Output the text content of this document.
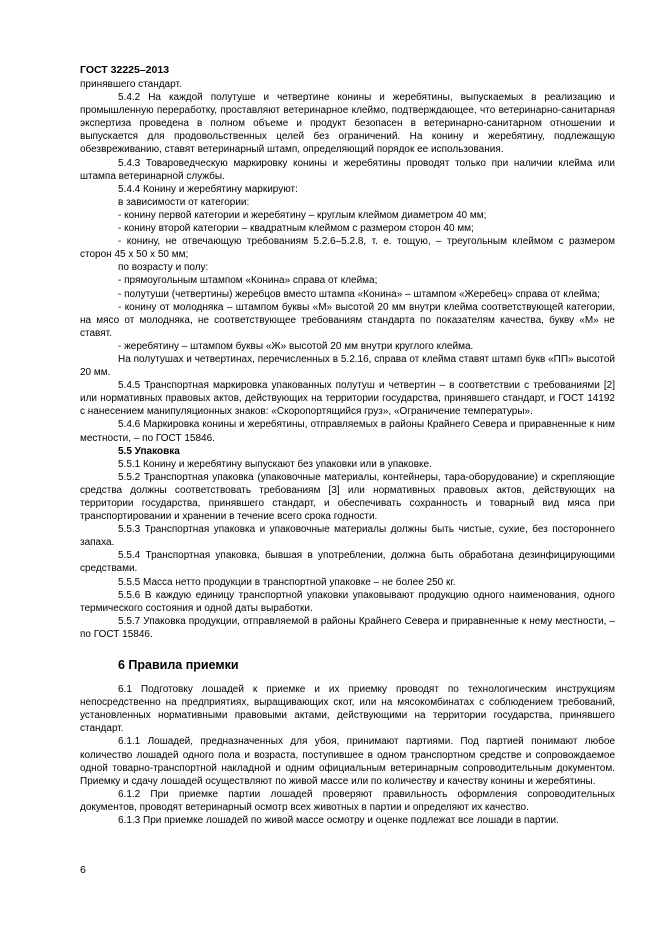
ГОСТ 32225–2013

принявшего стандарт.

5.4.2 На каждой полутуше и четвертине конины и жеребятины, выпускаемых в реализацию и промышленную переработку, проставляют ветеринарное клеймо, подтверждающее, что ветеринарно-санитарная экспертиза проведена в полном объеме и продукт безопасен в ветеринарно-санитарном отношении и выпускается для продовольственных целей без ограничений. На конину и жеребятину, подлежащую обезвреживанию, ставят ветеринарный штамп, определяющий порядок ее использования.

5.4.3 Товароведческую маркировку конины и жеребятины проводят только при наличии клейма или штампа ветеринарной службы.

5.4.4 Конину и жеребятину маркируют:

в зависимости от категории:

- конину первой категории и жеребятину – круглым клеймом диаметром 40 мм;

- конину второй категории – квадратным клеймом с размером сторон 40 мм;

- конину, не отвечающую требованиям 5.2.6–5.2.8, т. е. тощую, – треугольным клеймом с размером сторон 45 х 50 х 50 мм;

по возрасту и полу:

- прямоугольным штампом «Конина» справа от клейма;

- полутуши (четвертины) жеребцов вместо штампа «Конина» – штампом «Жеребец» справа от клейма;

- конину от молодняка – штампом буквы «М» высотой 20 мм внутри клейма соответствующей категории, на мясо от молодняка, не соответствующее требованиям стандарта по показателям качества, букву «М» не ставят.

- жеребятину – штампом буквы «Ж» высотой 20 мм внутри круглого клейма.

На полутушах и четвертинах, перечисленных в 5.2.16, справа от клейма ставят штамп букв «ПП» высотой 20 мм.

5.4.5 Транспортная маркировка упакованных полутуш и четвертин – в соответствии с требованиями [2] или нормативных правовых актов, действующих на территории государства, принявшего стандарт, и ГОСТ 14192 с нанесением манипуляционных знаков: «Скоропортящийся груз», «Ограничение температуры».

5.4.6 Маркировка конины и жеребятины, отправляемых в районы Крайнего Севера и приравненные к ним местности, – по ГОСТ 15846.

5.5 Упаковка

5.5.1 Конину и жеребятину выпускают без упаковки или в упаковке.

5.5.2 Транспортная упаковка (упаковочные материалы, контейнеры, тара-оборудование) и скрепляющие средства должны соответствовать требованиям [3] или нормативных правовых актов, действующих на территории государства, принявшего стандарт, и обеспечивать сохранность и товарный вид мяса при транспортировании и хранении в течение всего срока годности.

5.5.3 Транспортная упаковка и упаковочные материалы должны быть чистые, сухие, без постороннего запаха.

5.5.4 Транспортная упаковка, бывшая в употреблении, должна быть обработана дезинфицирующими средствами.

5.5.5 Масса нетто продукции в транспортной упаковке – не более 250 кг.

5.5.6 В каждую единицу транспортной упаковки упаковывают продукцию одного наименования, одного термического состояния и одной даты выработки.

5.5.7 Упаковка продукции, отправляемой в районы Крайнего Севера и приравненные к нему местности, – по ГОСТ 15846.

6 Правила приемки

6.1 Подготовку лошадей к приемке и их приемку проводят по технологическим инструкциям непосредственно на предприятиях, выращивающих скот, или на мясокомбинатах с соблюдением требований, установленных нормативными правовыми актами, действующими на территории государства, принявшего стандарт.

6.1.1 Лошадей, предназначенных для убоя, принимают партиями. Под партией понимают любое количество лошадей одного пола и возраста, поступившее в одном транспортном средстве и сопровождаемое одной товарно-транспортной накладной и одним официальным ветеринарным сопроводительным документом. Приемку и сдачу лошадей осуществляют по живой массе или по количеству и качеству конины и жеребятины.

6.1.2 При приемке партии лошадей проверяют правильность оформления сопроводительных документов, проводят ветеринарный осмотр всех животных в партии и определяют их качество.

6.1.3 При приемке лошадей по живой массе осмотру и оценке подлежат все лошади в партии.

6
